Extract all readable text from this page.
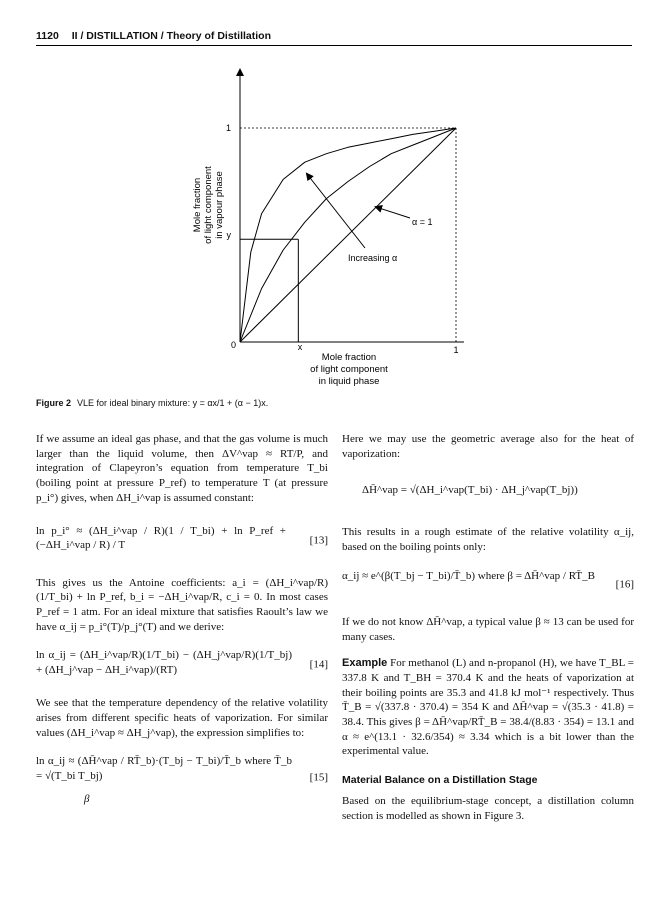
1120 II / DISTILLATION / Theory of Distillation
1
y
0	x	1
α = 1
Increasing α
Mole fraction of light component in vapour phase
Mole fraction
of light component
in liquid phase
Figure 2 VLE for ideal binary mixture: y = αx/1 + (α − 1)x.

If we assume an ideal gas phase, and that the gas volume is much larger than the liquid volume, then ΔV^vap ≈ RT/P, and integration of Clapeyron’s equation from temperature T_bi (boiling point at pressure P_ref) to temperature T (at pressure p_i°) gives, when ΔH_i^vap is assumed constant:

ln p_i° ≈ (ΔH_i^vap / R)(1 / T_bi) + ln P_ref + (−ΔH_i^vap / R) / T	[13]

This gives us the Antoine coefficients: a_i = (ΔH_i^vap/R)(1/T_bi) + ln P_ref, b_i = −ΔH_i^vap/R, c_i = 0. In most cases P_ref = 1 atm. For an ideal mixture that satisfies Raoult’s law we have α_ij = p_i°(T)/p_j°(T) and we derive:

ln α_ij = (ΔH_i^vap/R)(1/T_bi) − (ΔH_j^vap/R)(1/T_bj) + (ΔH_j^vap − ΔH_i^vap)/(RT)	[14]

We see that the temperature dependency of the relative volatility arises from different specific heats of vaporization. For similar values (ΔH_i^vap ≈ ΔH_j^vap), the expression simplifies to:

ln α_ij ≈ (ΔH̄^vap / RT̄_b)·(T_bj − T_bi)/T̄_b where T̄_b = √(T_bi T_bj)
β
[15]

Here we may use the geometric average also for the heat of vaporization:

ΔH̄^vap = √(ΔH_i^vap(T_bi) · ΔH_j^vap(T_bj))

This results in a rough estimate of the relative volatility α_ij, based on the boiling points only:

α_ij ≈ e^(β(T_bj − T_bi)/T̄_b) where β = ΔH̄^vap / RT̄_B
[16]

If we do not know ΔH̄^vap, a typical value β ≈ 13 can be used for many cases.

Example For methanol (L) and n-propanol (H), we have T_BL = 337.8 K and T_BH = 370.4 K and the heats of vaporization at their boiling points are 35.3 and 41.8 kJ mol⁻¹ respectively. Thus T̄_B = √(337.8 · 370.4) = 354 K and ΔH̄^vap = √(35.3 · 41.8) = 38.4. This gives β = ΔH̄^vap/RT̄_B = 38.4/(8.83 · 354) = 13.1 and α ≈ e^(13.1 · 32.6/354) ≈ 3.34 which is a bit lower than the experimental value.

Material Balance on a Distillation Stage

Based on the equilibrium-stage concept, a distillation column section is modelled as shown in Figure 3.
